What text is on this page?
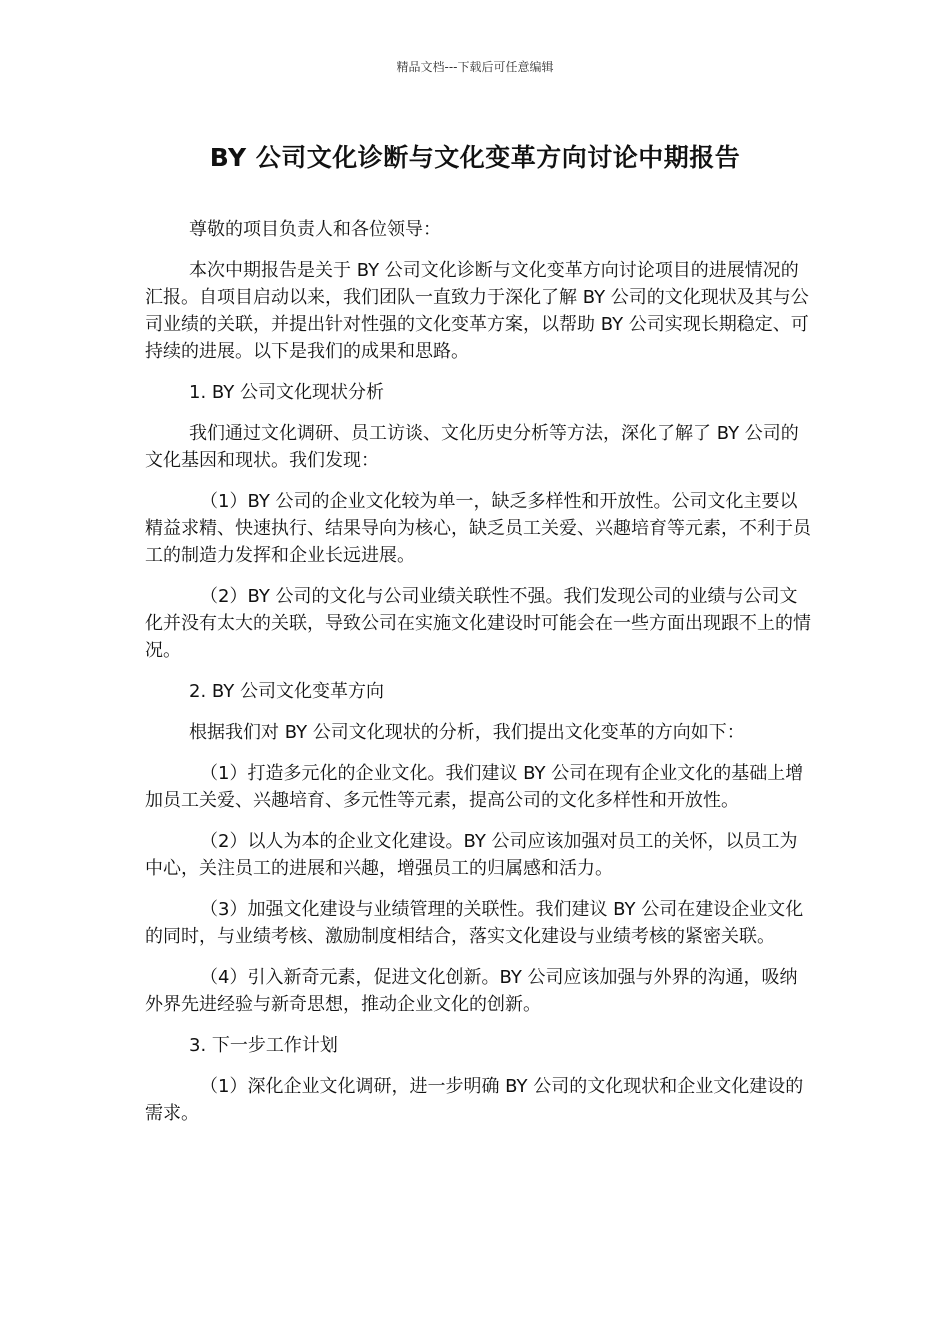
精品文档---下载后可任意编辑
BY 公司文化诊断与文化变革方向讨论中期报告

尊敬的项目负责人和各位领导：

本次中期报告是关于 BY 公司文化诊断与文化变革方向讨论项目的进展情况的汇报。自项目启动以来，我们团队一直致力于深化了解 BY 公司的文化现状及其与公司业绩的关联，并提出针对性强的文化变革方案，以帮助 BY 公司实现长期稳定、可持续的进展。以下是我们的成果和思路。

1. BY 公司文化现状分析

我们通过文化调研、员工访谈、文化历史分析等方法，深化了解了 BY 公司的文化基因和现状。我们发现：

（1）BY 公司的企业文化较为单一，缺乏多样性和开放性。公司文化主要以精益求精、快速执行、结果导向为核心，缺乏员工关爱、兴趣培育等元素，不利于员工的制造力发挥和企业长远进展。

（2）BY 公司的文化与公司业绩关联性不强。我们发现公司的业绩与公司文化并没有太大的关联，导致公司在实施文化建设时可能会在一些方面出现跟不上的情况。

2. BY 公司文化变革方向

根据我们对 BY 公司文化现状的分析，我们提出文化变革的方向如下：

（1）打造多元化的企业文化。我们建议 BY 公司在现有企业文化的基础上增加员工关爱、兴趣培育、多元性等元素，提高公司的文化多样性和开放性。

（2）以人为本的企业文化建设。BY 公司应该加强对员工的关怀，以员工为中心，关注员工的进展和兴趣，增强员工的归属感和活力。

（3）加强文化建设与业绩管理的关联性。我们建议 BY 公司在建设企业文化的同时，与业绩考核、激励制度相结合，落实文化建设与业绩考核的紧密关联。

（4）引入新奇元素，促进文化创新。BY 公司应该加强与外界的沟通，吸纳外界先进经验与新奇思想，推动企业文化的创新。

3. 下一步工作计划

（1）深化企业文化调研，进一步明确 BY 公司的文化现状和企业文化建设的需求。
